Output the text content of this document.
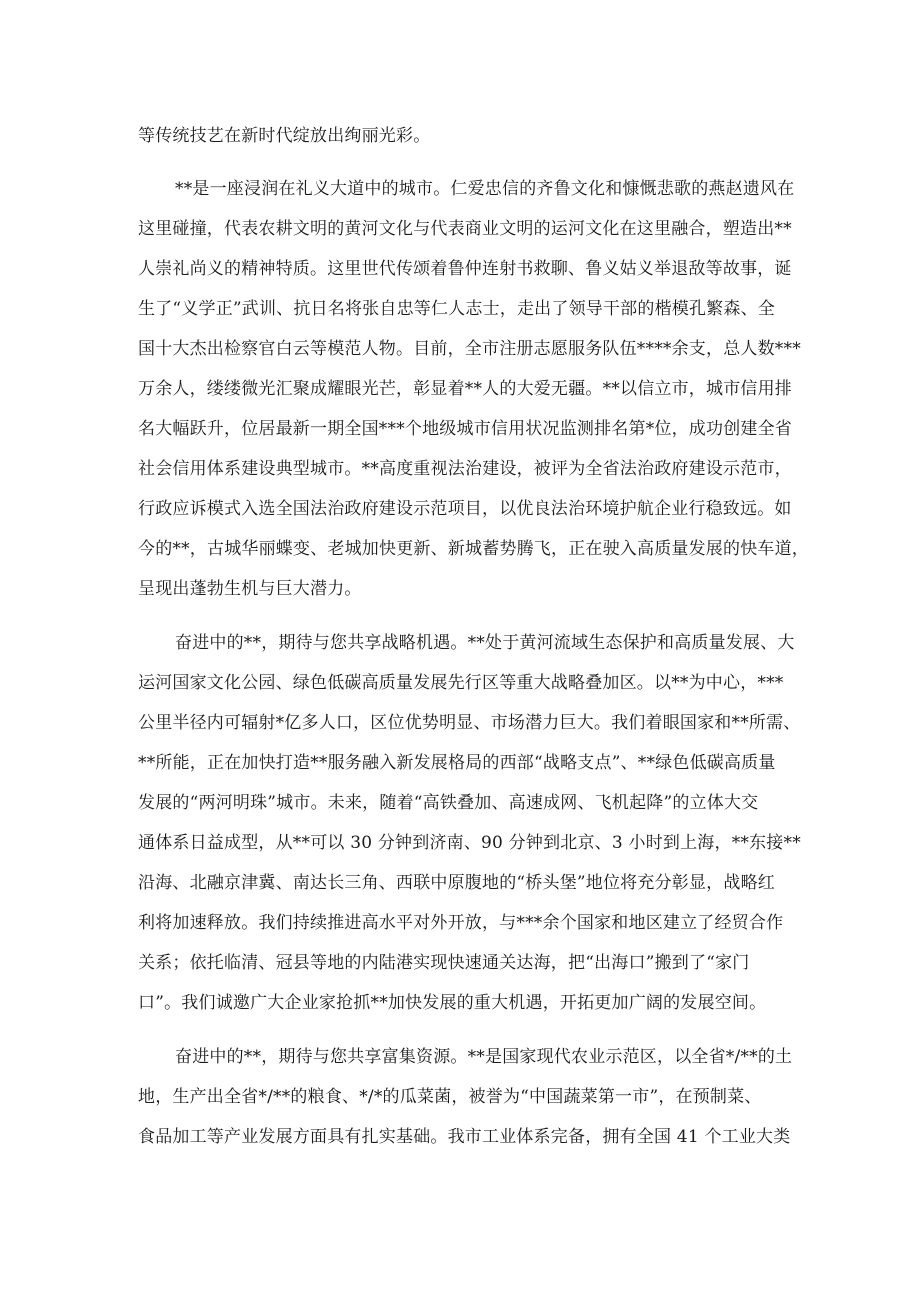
等传统技艺在新时代绽放出绚丽光彩。
**是一座浸润在礼义大道中的城市。仁爱忠信的齐鲁文化和慷慨悲歌的燕赵遗风在
这里碰撞，代表农耕文明的黄河文化与代表商业文明的运河文化在这里融合，塑造出**
人崇礼尚义的精神特质。这里世代传颂着鲁仲连射书救聊、鲁义姑义举退敌等故事，诞
生了“义学正”武训、抗日名将张自忠等仁人志士，走出了领导干部的楷模孔繁森、全
国十大杰出检察官白云等模范人物。目前，全市注册志愿服务队伍****余支，总人数***
万余人，缕缕微光汇聚成耀眼光芒，彰显着**人的大爱无疆。**以信立市，城市信用排
名大幅跃升，位居最新一期全国***个地级城市信用状况监测排名第*位，成功创建全省
社会信用体系建设典型城市。**高度重视法治建设，被评为全省法治政府建设示范市，
行政应诉模式入选全国法治政府建设示范项目，以优良法治环境护航企业行稳致远。如
今的**，古城华丽蝶变、老城加快更新、新城蓄势腾飞，正在驶入高质量发展的快车道，
呈现出蓬勃生机与巨大潜力。
奋进中的**，期待与您共享战略机遇。**处于黄河流域生态保护和高质量发展、大
运河国家文化公园、绿色低碳高质量发展先行区等重大战略叠加区。以**为中心，***
公里半径内可辐射*亿多人口，区位优势明显、市场潜力巨大。我们着眼国家和**所需、
**所能，正在加快打造**服务融入新发展格局的西部“战略支点”、**绿色低碳高质量
发展的“两河明珠”城市。未来，随着“高铁叠加、高速成网、飞机起降”的立体大交
通体系日益成型，从**可以 30 分钟到济南、90 分钟到北京、3 小时到上海，**东接**
沿海、北融京津冀、南达长三角、西联中原腹地的“桥头堡”地位将充分彰显，战略红
利将加速释放。我们持续推进高水平对外开放，与***余个国家和地区建立了经贸合作
关系；依托临清、冠县等地的内陆港实现快速通关达海，把“出海口”搬到了“家门
口”。我们诚邀广大企业家抢抓**加快发展的重大机遇，开拓更加广阔的发展空间。
奋进中的**，期待与您共享富集资源。**是国家现代农业示范区，以全省*/**的土
地，生产出全省*/**的粮食、*/*的瓜菜菌，被誉为“中国蔬菜第一市”，在预制菜、
食品加工等产业发展方面具有扎实基础。我市工业体系完备，拥有全国 41 个工业大类
